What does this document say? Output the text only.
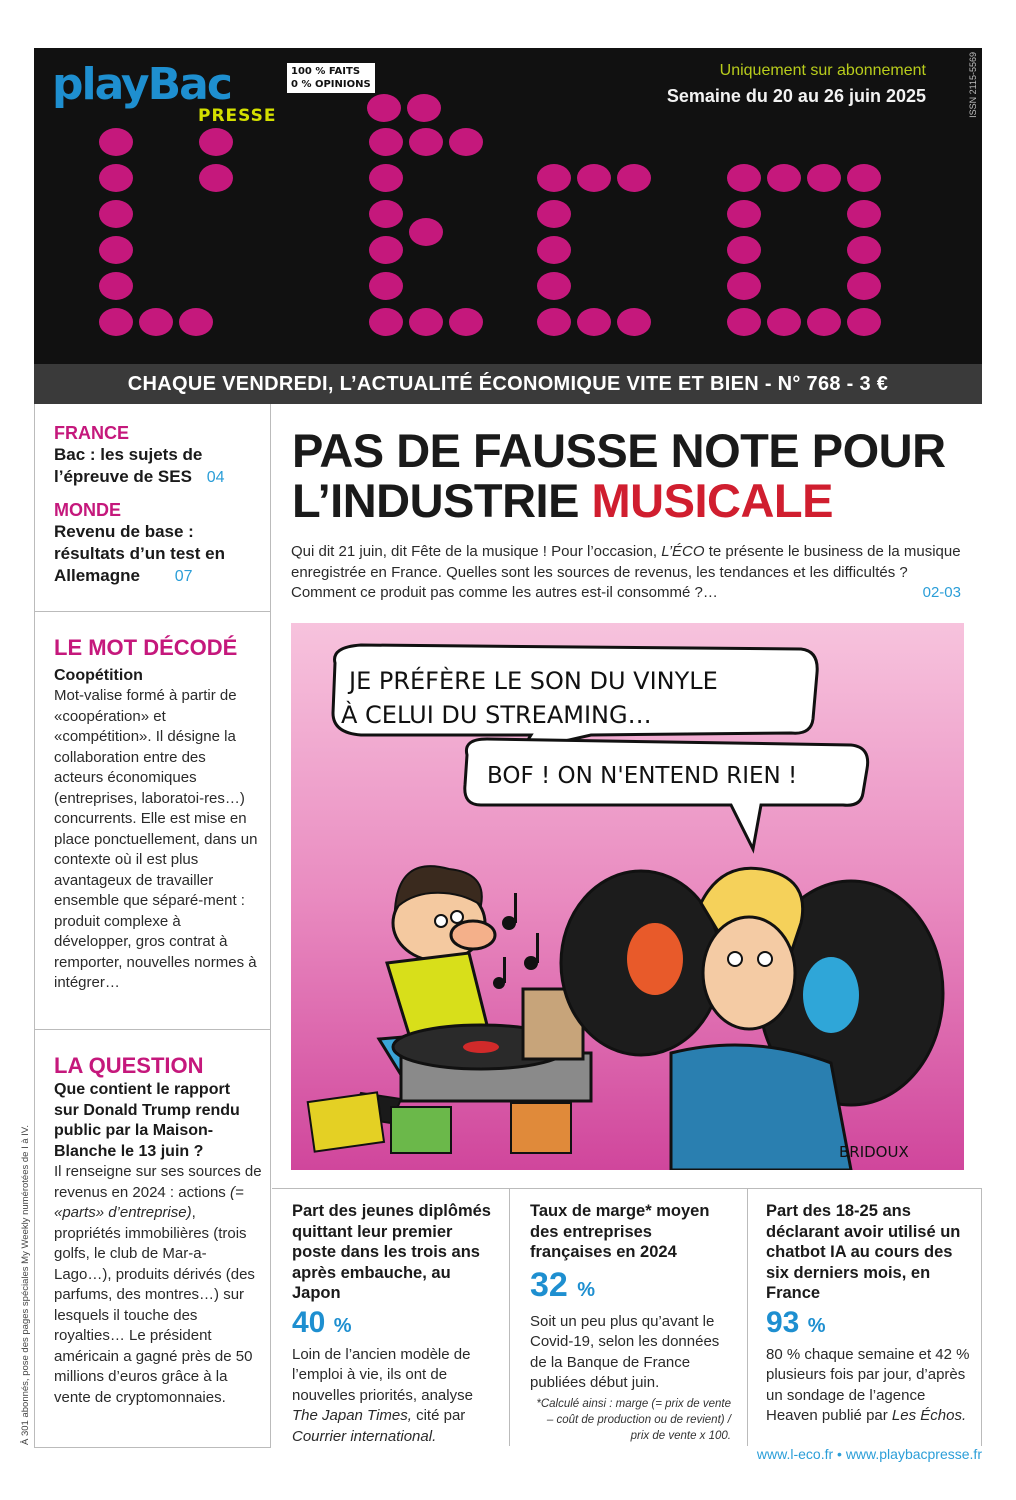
playBac
PRESSE
100 % FAITS
0 % OPINIONS
Uniquement sur abonnement
Semaine du 20 au 26 juin 2025	ISSN 2115-5569
CHAQUE VENDREDI, L’ACTUALITÉ ÉCONOMIQUE VITE ET BIEN - N° 768 - 3 €
FRANCE
Bac : les sujets de l’épreuve de SES 04
MONDE
Revenu de base : résultats d’un test en Allemagne 07
LE MOT DÉCODÉ
Coopétition
Mot-valise formé à partir de «coopération» et «compétition». Il désigne la collaboration entre des acteurs économiques (entreprises, laboratoi-res…) concurrents. Elle est mise en place ponctuellement, dans un contexte où il est plus avantageux de travailler ensemble que séparé-ment : produit complexe à développer, gros contrat à remporter, nouvelles normes à intégrer…
LA QUESTION
Que contient le rapport sur Donald Trump rendu public par la Maison-Blanche le 13 juin ?
Il renseigne sur ses sources de revenus en 2024 : actions (= «parts» d’entreprise), propriétés immobilières (trois golfs, le club de Mar-a-Lago…), produits dérivés (des parfums, des montres…) sur lesquels il touche des royalties… Le président américain a gagné près de 50 millions d’euros grâce à la vente de cryptomonnaies.
PAS DE FAUSSE NOTE POUR L’INDUSTRIE MUSICALE
Qui dit 21 juin, dit Fête de la musique ! Pour l’occasion, L’ÉCO te présente le business de la musique enregistrée en France. Quelles sont les sources de revenus, les tendances et les difficultés ? Comment ce produit pas comme les autres est-il consommé ?…	02-03
JE PRÉFÈRE LE SON DU VINYLE
À CELUI DU STREAMING…
BOF ! ON N'ENTEND RIEN !
BRIDOUX
Part des jeunes diplômés quittant leur premier poste dans les trois ans après embauche, au Japon
40 %
Loin de l’ancien modèle de l’emploi à vie, ils ont de nouvelles priorités, analyse The Japan Times, cité par Courrier international.
Taux de marge* moyen des entreprises françaises en 2024
32 %
Soit un peu plus qu’avant le Covid-19, selon les données de la Banque de France publiées début juin.
*Calculé ainsi : marge (= prix de vente – coût de production ou de revient) / prix de vente x 100.
Part des 18-25 ans déclarant avoir utilisé un chatbot IA au cours des six derniers mois, en France
93 %
80 % chaque semaine et 42 % plusieurs fois par jour, d’après un sondage de l’agence Heaven publié par Les Échos.
www.l-eco.fr • www.playbacpresse.fr
À 301 abonnés, pose des pages spéciales My Weekly numérotées de I à IV.
